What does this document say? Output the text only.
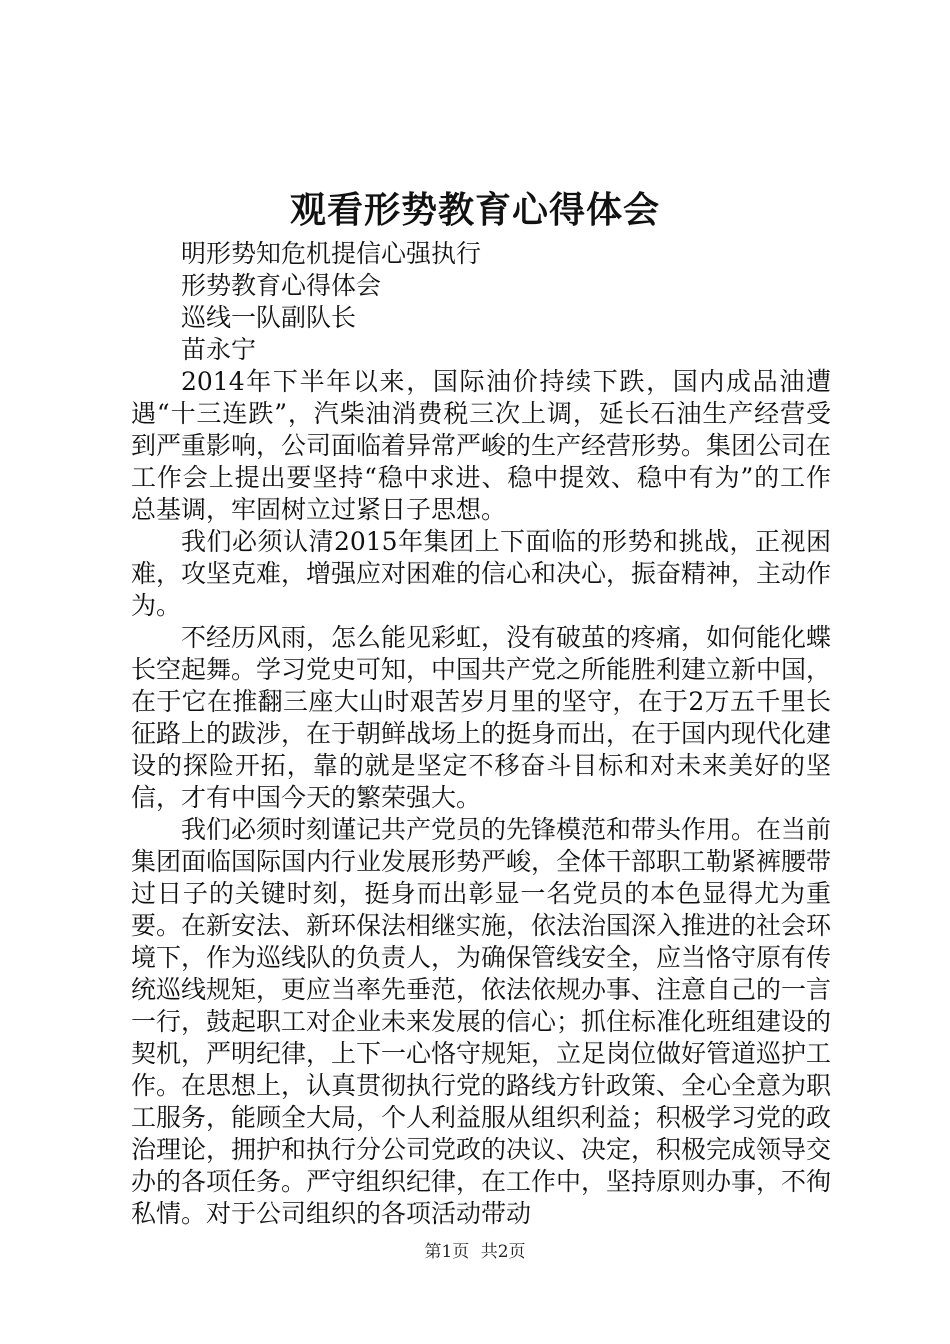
观看形势教育心得体会

明形势知危机提信心强执行

形势教育心得体会

巡线一队副队长

苗永宁

2014年下半年以来，国际油价持续下跌，国内成品油遭遇“十三连跌”，汽柴油消费税三次上调，延长石油生产经营受到严重影响，公司面临着异常严峻的生产经营形势。集团公司在工作会上提出要坚持“稳中求进、稳中提效、稳中有为”的工作总基调，牢固树立过紧日子思想。

我们必须认清2015年集团上下面临的形势和挑战，正视困难，攻坚克难，增强应对困难的信心和决心，振奋精神，主动作为。

不经历风雨，怎么能见彩虹，没有破茧的疼痛，如何能化蝶长空起舞。学习党史可知，中国共产党之所能胜利建立新中国，在于它在推翻三座大山时艰苦岁月里的坚守，在于2万五千里长征路上的跋涉，在于朝鲜战场上的挺身而出，在于国内现代化建设的探险开拓，靠的就是坚定不移奋斗目标和对未来美好的坚信，才有中国今天的繁荣强大。

我们必须时刻谨记共产党员的先锋模范和带头作用。在当前集团面临国际国内行业发展形势严峻，全体干部职工勒紧裤腰带过日子的关键时刻，挺身而出彰显一名党员的本色显得尤为重要。在新安法、新环保法相继实施，依法治国深入推进的社会环境下，作为巡线队的负责人，为确保管线安全，应当恪守原有传统巡线规矩，更应当率先垂范，依法依规办事、注意自己的一言一行，鼓起职工对企业未来发展的信心；抓住标准化班组建设的契机，严明纪律，上下一心恪守规矩，立足岗位做好管道巡护工作。在思想上，认真贯彻执行党的路线方针政策、全心全意为职工服务，能顾全大局，个人利益服从组织利益；积极学习党的政治理论，拥护和执行分公司党政的决议、决定，积极完成领导交办的各项任务。严守组织纪律，在工作中，坚持原则办事，不徇私情。对于公司组织的各项活动带动

第1页 共2页
